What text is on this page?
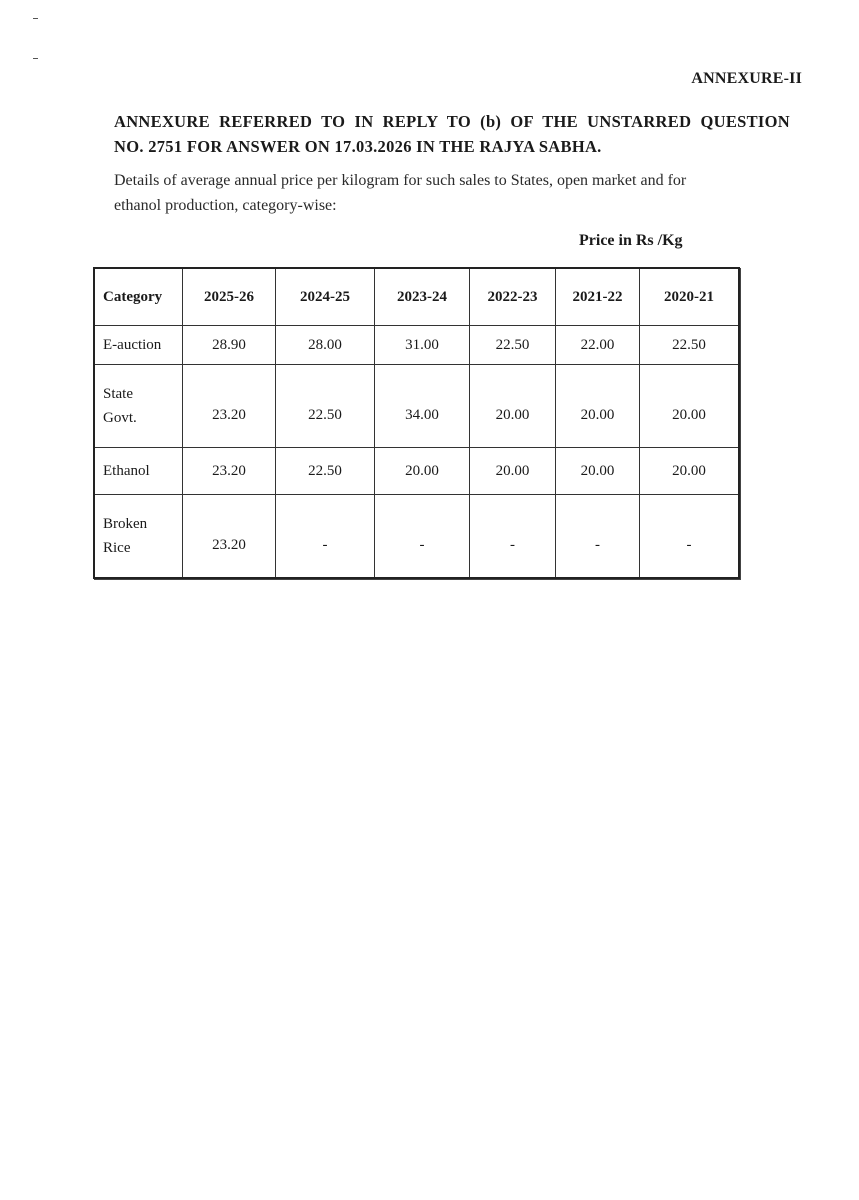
ANNEXURE-II
ANNEXURE REFERRED TO IN REPLY TO (b) OF THE UNSTARRED QUESTION
NO. 2751 FOR ANSWER ON 17.03.2026 IN THE RAJYA SABHA.
Details of average annual price per kilogram for such sales to States, open market and for
ethanol production, category-wise:
Price in Rs /Kg
Category	2025-26	2024-25	2023-24	2022-23	2021-22	2020-21
E-auction	28.90	28.00	31.00	22.50	22.00	22.50
State
Govt.	23.20	22.50	34.00	20.00	20.00	20.00
Ethanol	23.20	22.50	20.00	20.00	20.00	20.00
Broken
Rice	23.20	-	-	-	-	-
